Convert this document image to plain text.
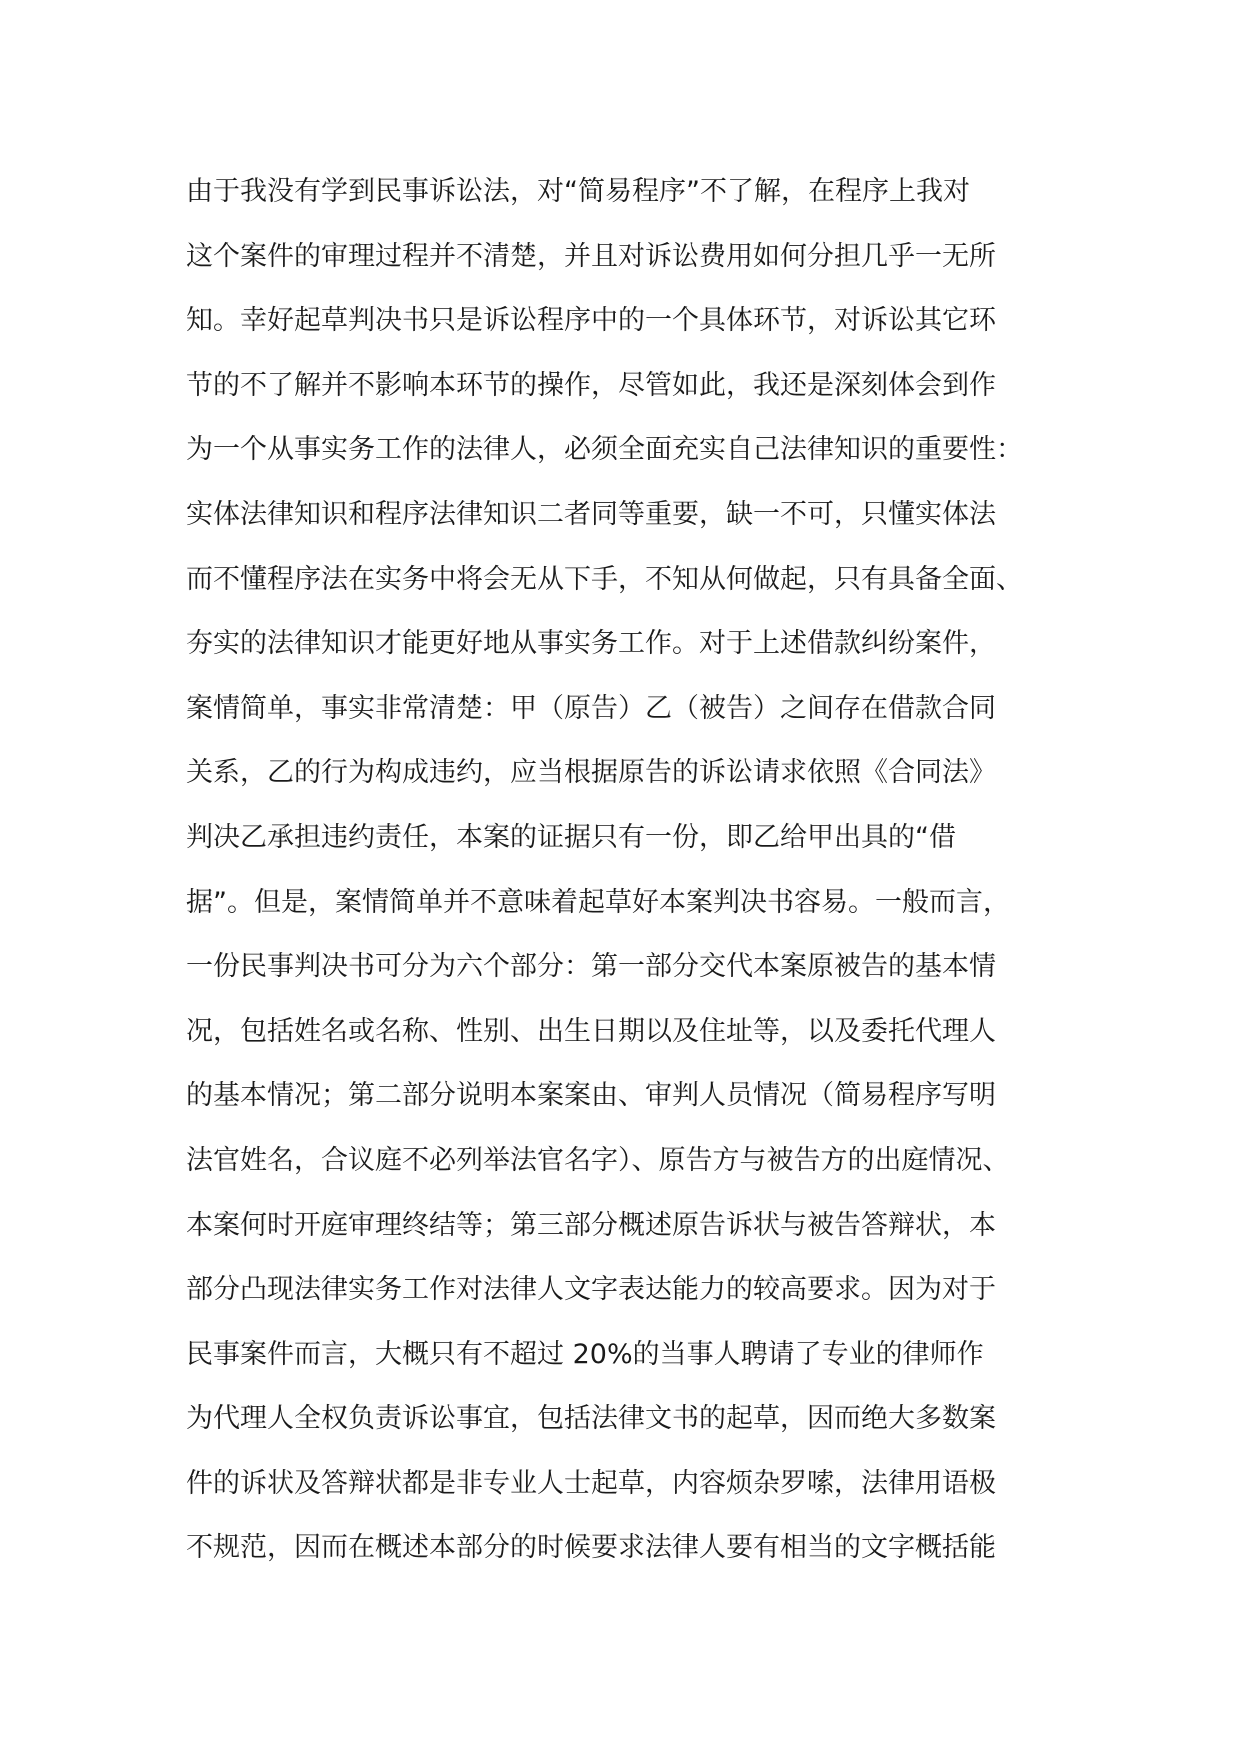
由于我没有学到民事诉讼法，对“简易程序”不了解，在程序上我对
这个案件的审理过程并不清楚，并且对诉讼费用如何分担几乎一无所
知。幸好起草判决书只是诉讼程序中的一个具体环节，对诉讼其它环
节的不了解并不影响本环节的操作，尽管如此，我还是深刻体会到作
为一个从事实务工作的法律人，必须全面充实自己法律知识的重要性：
实体法律知识和程序法律知识二者同等重要，缺一不可，只懂实体法
而不懂程序法在实务中将会无从下手，不知从何做起，只有具备全面、
夯实的法律知识才能更好地从事实务工作。对于上述借款纠纷案件，
案情简单，事实非常清楚：甲（原告）乙（被告）之间存在借款合同
关系，乙的行为构成违约，应当根据原告的诉讼请求依照《合同法》
判决乙承担违约责任，本案的证据只有一份，即乙给甲出具的“借
据”。但是，案情简单并不意味着起草好本案判决书容易。一般而言，
一份民事判决书可分为六个部分：第一部分交代本案原被告的基本情
况，包括姓名或名称、性别、出生日期以及住址等，以及委托代理人
的基本情况；第二部分说明本案案由、审判人员情况（简易程序写明
法官姓名，合议庭不必列举法官名字）、原告方与被告方的出庭情况、
本案何时开庭审理终结等；第三部分概述原告诉状与被告答辩状，本
部分凸现法律实务工作对法律人文字表达能力的较高要求。因为对于
民事案件而言，大概只有不超过 20%的当事人聘请了专业的律师作
为代理人全权负责诉讼事宜，包括法律文书的起草，因而绝大多数案
件的诉状及答辩状都是非专业人士起草，内容烦杂罗嗦，法律用语极
不规范，因而在概述本部分的时候要求法律人要有相当的文字概括能
